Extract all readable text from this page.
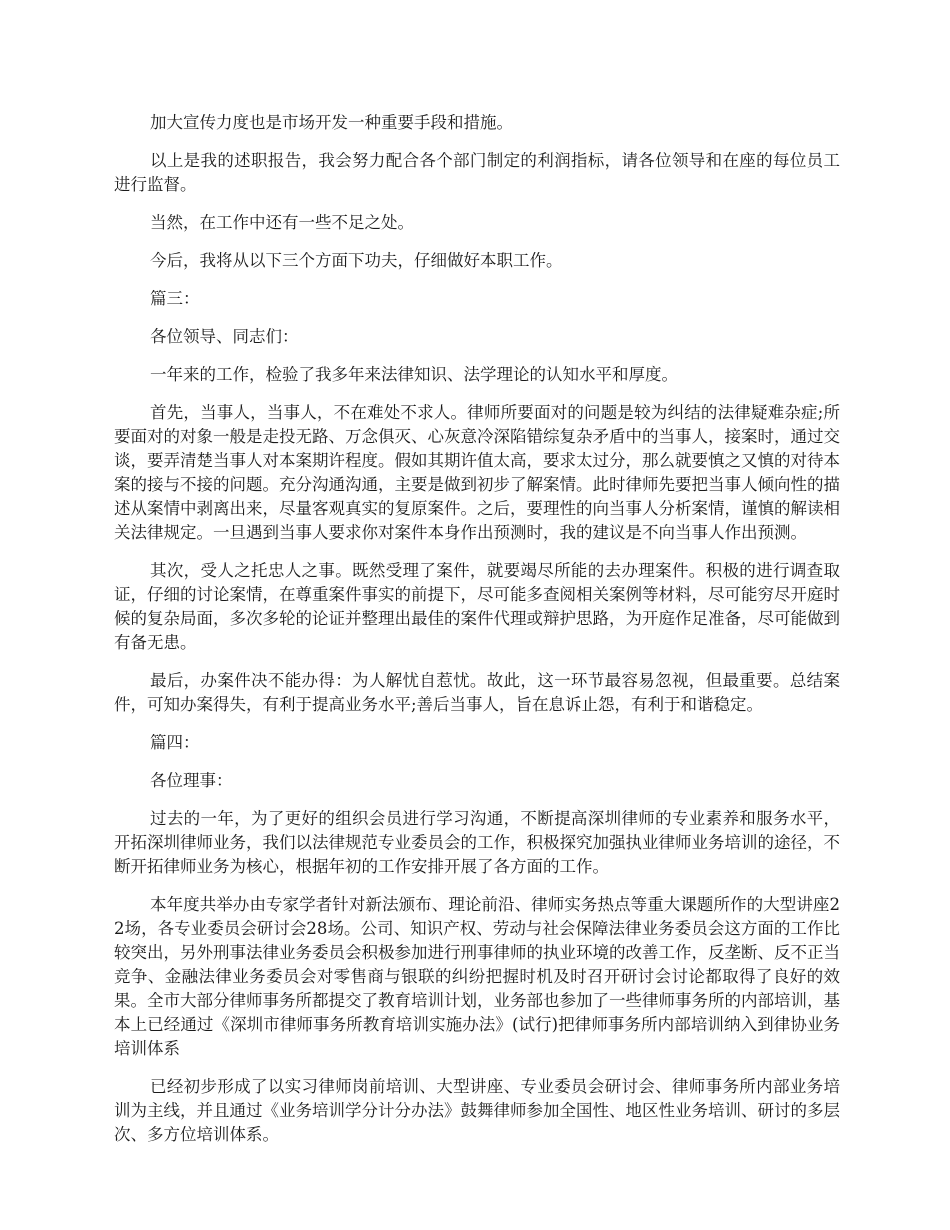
加大宣传力度也是市场开发一种重要手段和措施。

以上是我的述职报告，我会努力配合各个部门制定的利润指标，请各位领导和在座的每位员工进行监督。

当然，在工作中还有一些不足之处。

今后，我将从以下三个方面下功夫，仔细做好本职工作。

篇三：

各位领导、同志们：

一年来的工作，检验了我多年来法律知识、法学理论的认知水平和厚度。

首先，当事人，当事人，不在难处不求人。律师所要面对的问题是较为纠结的法律疑难杂症;所要面对的对象一般是走投无路、万念俱灭、心灰意冷深陷错综复杂矛盾中的当事人，接案时，通过交谈，要弄清楚当事人对本案期许程度。假如其期许值太高，要求太过分，那么就要慎之又慎的对待本案的接与不接的问题。充分沟通沟通，主要是做到初步了解案情。此时律师先要把当事人倾向性的描述从案情中剥离出来，尽量客观真实的复原案件。之后，要理性的向当事人分析案情，谨慎的解读相关法律规定。一旦遇到当事人要求你对案件本身作出预测时，我的建议是不向当事人作出预测。

其次，受人之托忠人之事。既然受理了案件，就要竭尽所能的去办理案件。积极的进行调查取证，仔细的讨论案情，在尊重案件事实的前提下，尽可能多查阅相关案例等材料，尽可能穷尽开庭时候的复杂局面，多次多轮的论证并整理出最佳的案件代理或辩护思路，为开庭作足准备，尽可能做到有备无患。

最后，办案件决不能办得：为人解忧自惹忧。故此，这一环节最容易忽视，但最重要。总结案件，可知办案得失，有利于提高业务水平;善后当事人，旨在息诉止怨，有利于和谐稳定。

篇四：

各位理事：

过去的一年，为了更好的组织会员进行学习沟通，不断提高深圳律师的专业素养和服务水平，开拓深圳律师业务，我们以法律规范专业委员会的工作，积极探究加强执业律师业务培训的途径，不断开拓律师业务为核心，根据年初的工作安排开展了各方面的工作。

本年度共举办由专家学者针对新法颁布、理论前沿、律师实务热点等重大课题所作的大型讲座22场，各专业委员会研讨会28场。公司、知识产权、劳动与社会保障法律业务委员会这方面的工作比较突出，另外刑事法律业务委员会积极参加进行刑事律师的执业环境的改善工作，反垄断、反不正当竞争、金融法律业务委员会对零售商与银联的纠纷把握时机及时召开研讨会讨论都取得了良好的效果。全市大部分律师事务所都提交了教育培训计划，业务部也参加了一些律师事务所的内部培训，基本上已经通过《深圳市律师事务所教育培训实施办法》(试行)把律师事务所内部培训纳入到律协业务培训体系

已经初步形成了以实习律师岗前培训、大型讲座、专业委员会研讨会、律师事务所内部业务培训为主线，并且通过《业务培训学分计分办法》鼓舞律师参加全国性、地区性业务培训、研讨的多层次、多方位培训体系。
